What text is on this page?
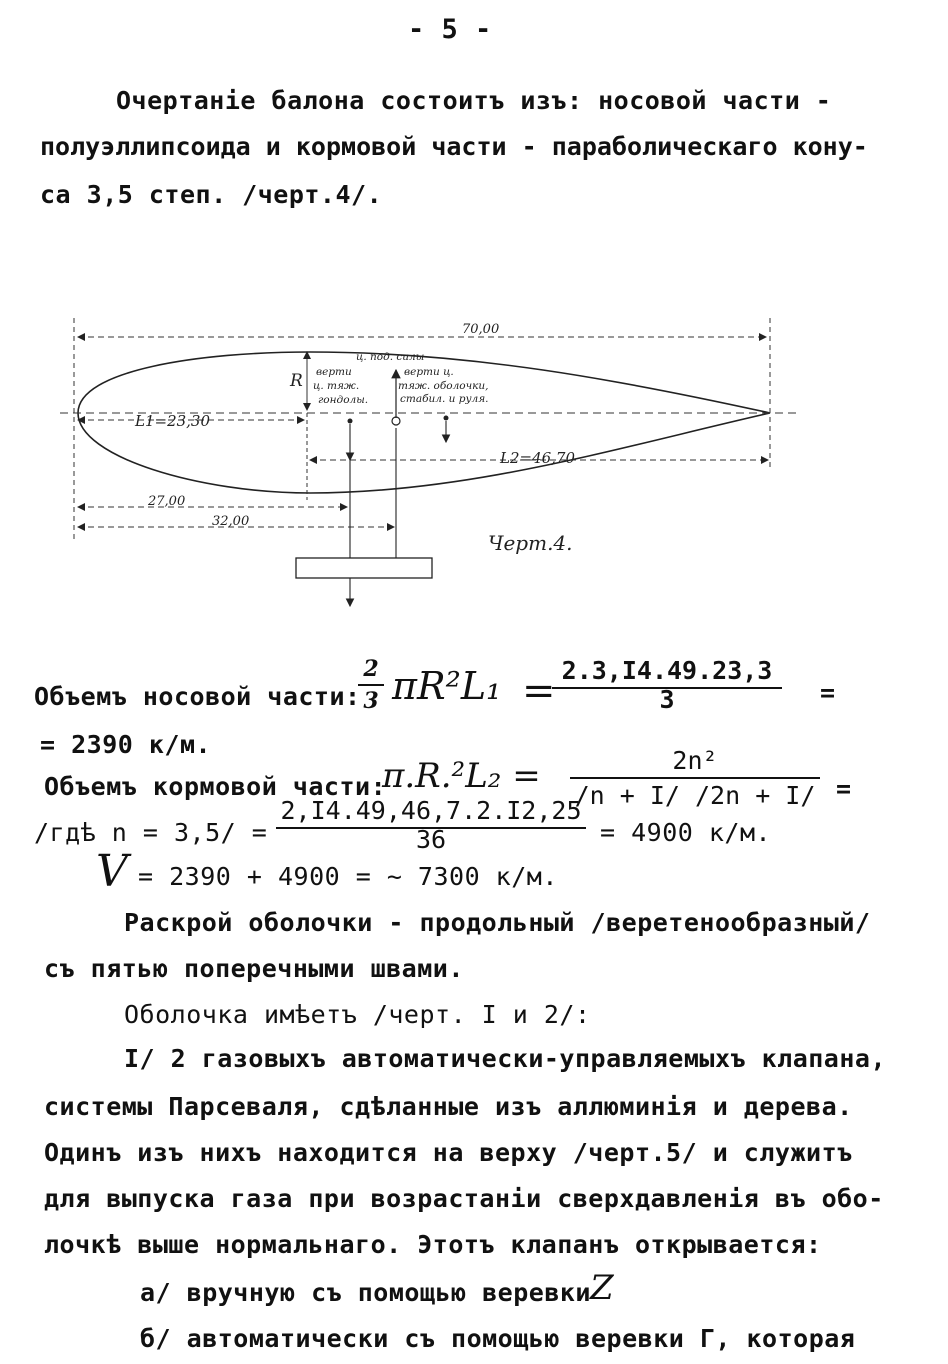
- 5 -
Очертаніе балона состоитъ изъ: носовой части -
полуэллипсоида и кормовой части - параболическаго кону-
са 3,5 степ. /черт.4/.
70,00
R
L1=23,30
L2=46,70
27,00
32,00
ц. под. силы
верти
ц. тяж.
гондолы.
верти ц.
тяж. оболочки,
стабил. и руля.
Черт.4.
Объемъ носовой части:
2
3 πR²L₁ = 2.3,I4.49.23,3
3	=
= 2390 к/м.
Объемъ кормовой части:
π.R.²L₂ =	2n²
/n + I/ /2n + I/ =
/гдѣ n = 3,5/ =
2,I4.49,46,7.2.I2,25
36	= 4900 к/м.
V = 2390 + 4900 = ~ 7300 к/м.
Раскрой оболочки - продольный /веретенообразный/
съ пятью поперечными швами.
Оболочка имѣетъ /черт. I и 2/:
I/ 2 газовыхъ автоматически-управляемыхъ клапана,
системы Парсеваля, сдѣланные изъ аллюминія и дерева.
Одинъ изъ нихъ находится на верху /черт.5/ и служитъ
для выпуска газа при возрастаніи сверхдавленія въ обо-
лочкѣ выше нормальнаго. Этотъ клапанъ открывается:
а/ вручную съ помощью веревки Z
б/ автоматически съ помощью веревки Г, которая
